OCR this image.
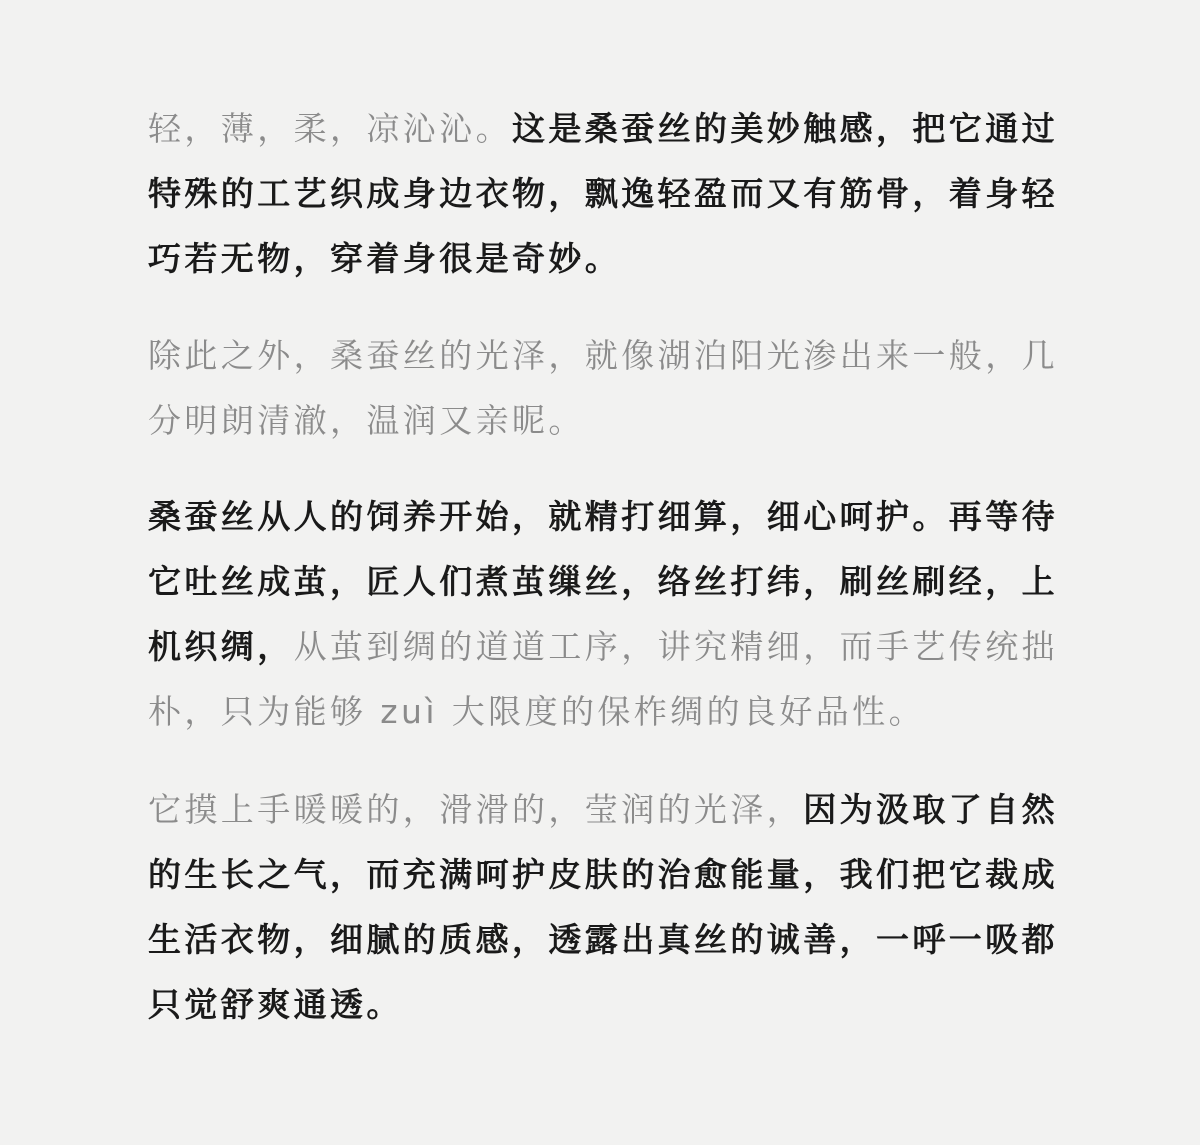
轻，薄，柔，凉沁沁。这是桑蚕丝的美妙触感，把它通过特殊的工艺织成身边衣物，飘逸轻盈而又有筋骨，着身轻巧若无物，穿着身很是奇妙。

除此之外，桑蚕丝的光泽，就像湖泊阳光渗出来一般，几分明朗清澈，温润又亲昵。

桑蚕丝从人的饲养开始，就精打细算，细心呵护。再等待它吐丝成茧，匠人们煮茧缫丝，络丝打纬，刷丝刷经，上机织绸，从茧到绸的道道工序，讲究精细，而手艺传统拙朴，只为能够 zuì 大限度的保柞绸的良好品性。

它摸上手暖暖的，滑滑的，莹润的光泽，因为汲取了自然的生长之气，而充满呵护皮肤的治愈能量，我们把它裁成生活衣物，细腻的质感，透露出真丝的诚善，一呼一吸都只觉舒爽通透。
